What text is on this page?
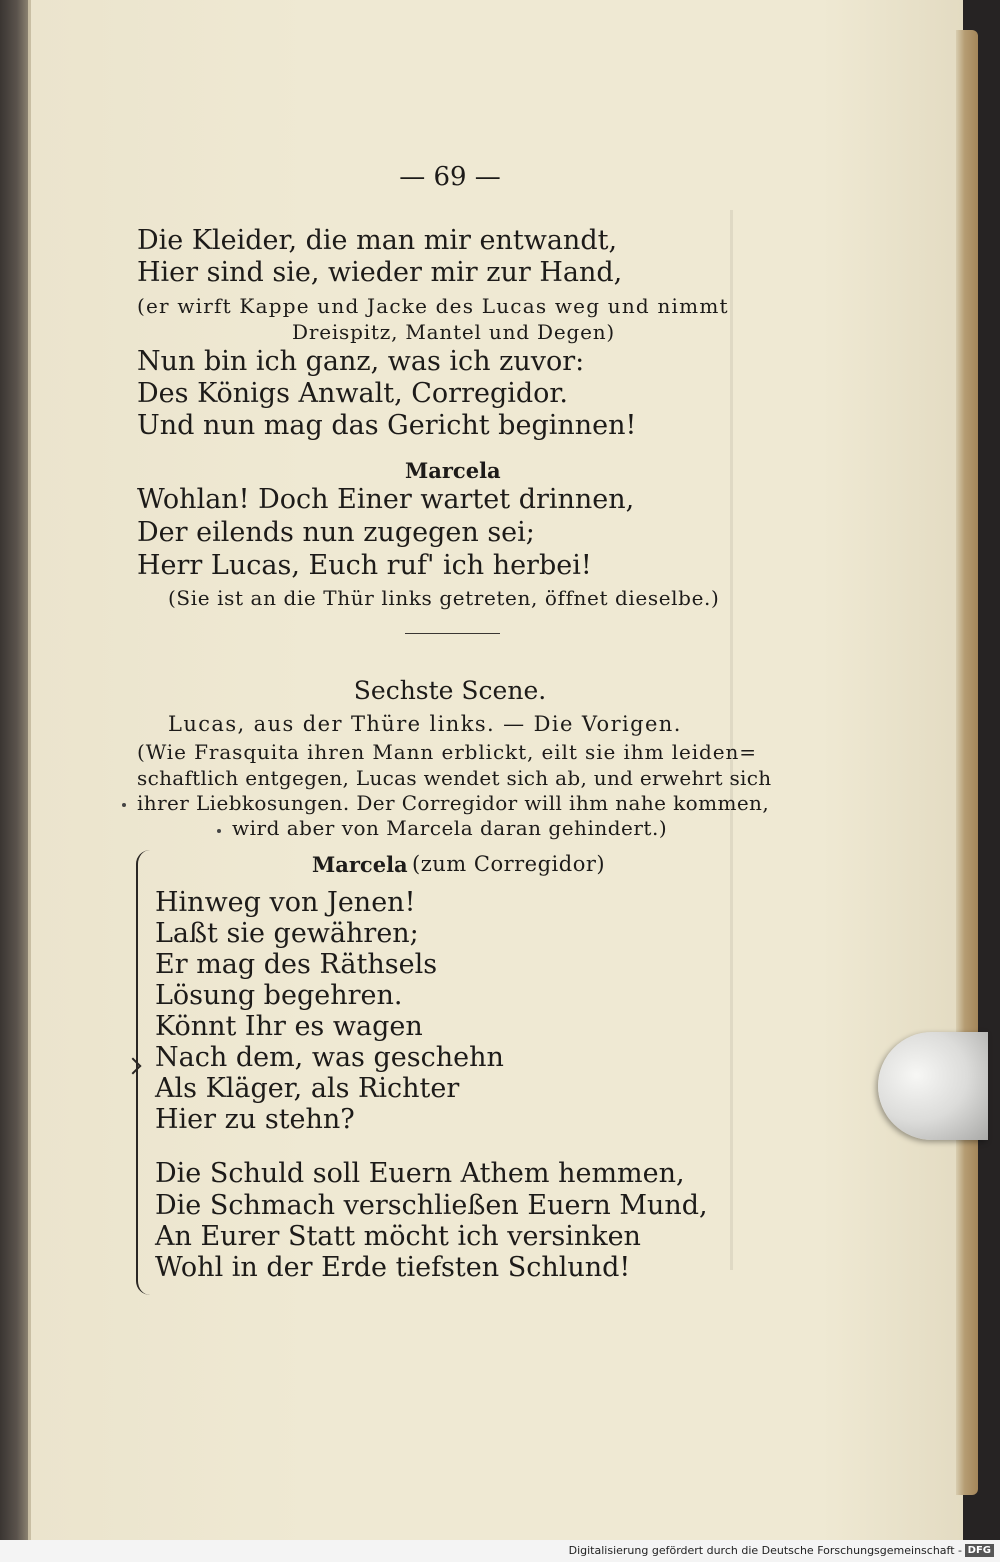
— 69 —
Die Kleider, die man mir entwandt,
Hier sind sie, wieder mir zur Hand,
(er wirft Kappe und Jacke des Lucas weg und nimmt
Dreispitz, Mantel und Degen)
Nun bin ich ganz, was ich zuvor:
Des Königs Anwalt, Corregidor.
Und nun mag das Gericht beginnen!
Marcela
Wohlan! Doch Einer wartet drinnen,
Der eilends nun zugegen sei;
Herr Lucas, Euch ruf' ich herbei!
(Sie ist an die Thür links getreten, öffnet dieselbe.)
Sechste Scene.
Lucas, aus der Thüre links. — Die Vorigen.
(Wie Frasquita ihren Mann erblickt, eilt sie ihm leiden=
schaftlich entgegen, Lucas wendet sich ab, und erwehrt sich
ihrer Liebkosungen. Der Corregidor will ihm nahe kommen,
wird aber von Marcela daran gehindert.)
Marcela (zum Corregidor)
Hinweg von Jenen!
Laßt sie gewähren;
Er mag des Räthsels
Lösung begehren.
Könnt Ihr es wagen
Nach dem, was geschehn
Als Kläger, als Richter
Hier zu stehn?
Die Schuld soll Euern Athem hemmen,
Die Schmach verschließen Euern Mund,
An Eurer Statt möcht ich versinken
Wohl in der Erde tiefsten Schlund!
Digitalisierung gefördert durch die Deutsche Forschungsgemeinschaft - DFG
